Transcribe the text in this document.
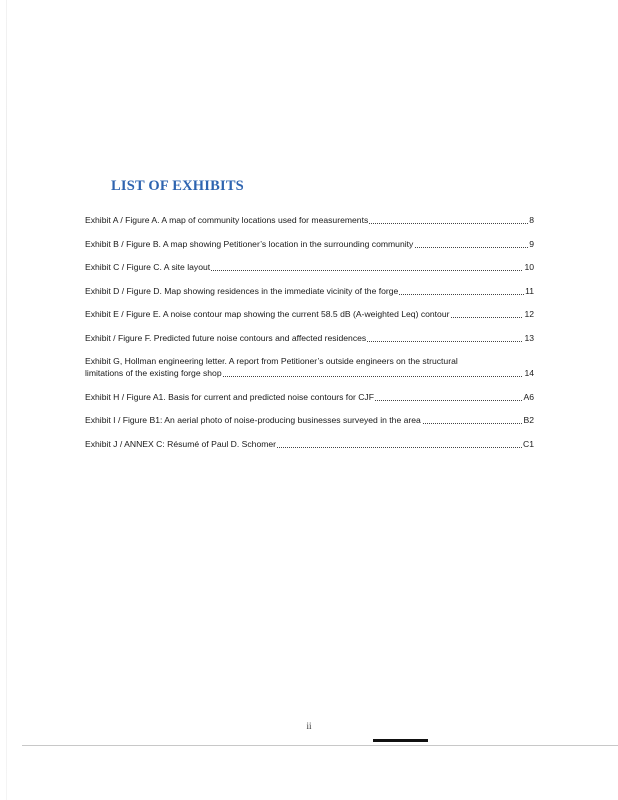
LIST OF EXHIBITS
Exhibit A / Figure A. A map of community locations used for measurements	8
Exhibit B / Figure B. A map showing Petitioner’s location in the surrounding community	9
Exhibit C / Figure C. A site layout	10
Exhibit D / Figure D. Map showing residences in the immediate vicinity of the forge	11
Exhibit E / Figure E. A noise contour map showing the current 58.5 dB (A-weighted Leq) contour	12
Exhibit / Figure F. Predicted future noise contours and affected residences	13
Exhibit G, Hollman engineering letter. A report from Petitioner’s outside engineers on the structural
limitations of the existing forge shop	14
Exhibit H / Figure A1. Basis for current and predicted noise contours for CJF	A6
Exhibit I / Figure B1: An aerial photo of noise-producing businesses surveyed in the area	B2
Exhibit J / ANNEX C: Résumé of Paul D. Schomer	C1
ii
